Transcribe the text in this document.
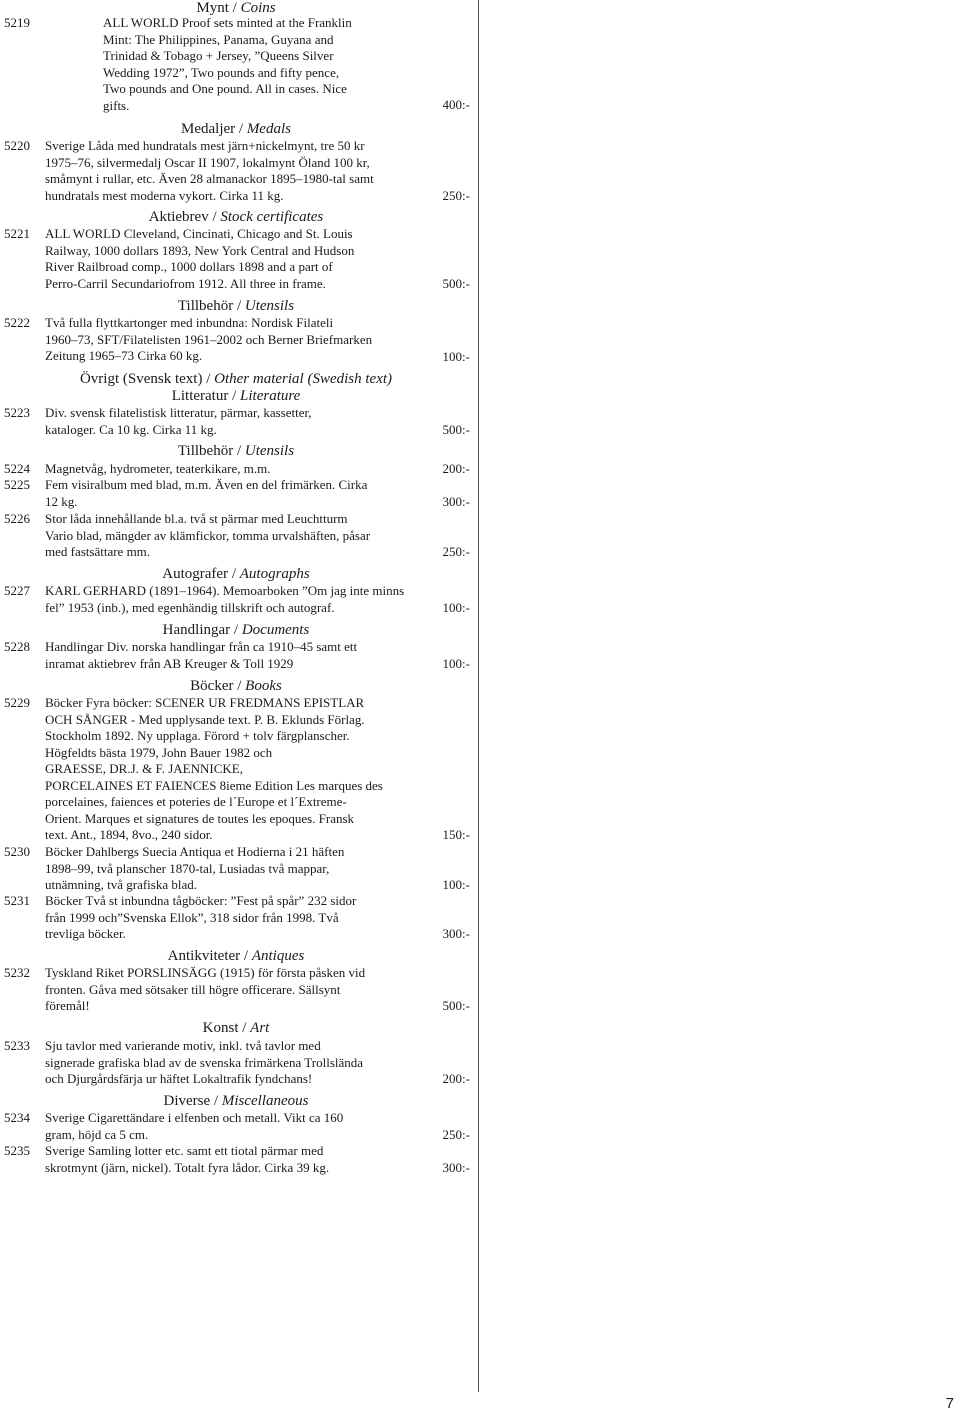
Mynt / Coins
5219	ALL WORLD Proof sets minted at the Franklin
Mint: The Philippines, Panama, Guyana and
Trinidad & Tobago + Jersey, ”Queens Silver
Wedding 1972”, Two pounds and fifty pence,
Two pounds and One pound. All in cases. Nice
gifts.	400:-
Medaljer / Medals
5220	Sverige Låda med hundratals mest järn+nickelmynt, tre 50 kr
1975–76, silvermedalj Oscar II 1907, lokalmynt Öland 100 kr,
småmynt i rullar, etc. Även 28 almanackor 1895–1980-tal samt
hundratals mest moderna vykort. Cirka 11 kg.	250:-
Aktiebrev / Stock certificates
5221	ALL WORLD Cleveland, Cincinati, Chicago and St. Louis
Railway, 1000 dollars 1893, New York Central and Hudson
River Railbroad comp., 1000 dollars 1898 and a part of
Perro-Carril Secundariofrom 1912. All three in frame.	500:-
Tillbehör / Utensils
5222	Två fulla flyttkartonger med inbundna: Nordisk Filateli
1960–73, SFT/Filatelisten 1961–2002 och Berner Briefmarken
Zeitung 1965–73 Cirka 60 kg.	100:-
Övrigt (Svensk text) / Other material (Swedish text)
Litteratur / Literature
5223	Div. svensk filatelistisk litteratur, pärmar, kassetter,
kataloger. Ca 10 kg. Cirka 11 kg.	500:-
Tillbehör / Utensils
5224	Magnetvåg, hydrometer, teaterkikare, m.m.	200:-
5225	Fem visiralbum med blad, m.m. Även en del frimärken. Cirka
12 kg.	300:-
5226	Stor låda innehållande bl.a. två st pärmar med Leuchtturm
Vario blad, mängder av klämfickor, tomma urvalshäften, påsar
med fastsättare mm.	250:-
Autografer / Autographs
5227	KARL GERHARD (1891–1964). Memoarboken ”Om jag inte minns
fel” 1953 (inb.), med egenhändig tillskrift och autograf.	100:-
Handlingar / Documents
5228	Handlingar Div. norska handlingar från ca 1910–45 samt ett
inramat aktiebrev från AB Kreuger & Toll 1929	100:-
Böcker / Books
5229	Böcker Fyra böcker: SCENER UR FREDMANS EPISTLAR
OCH SÅNGER - Med upplysande text. P. B. Eklunds Förlag.
Stockholm 1892. Ny upplaga. Förord + tolv färgplanscher.
Högfeldts bästa 1979, John Bauer 1982 och
GRAESSE, DR.J. & F. JAENNICKE,
PORCELAINES ET FAIENCES 8ieme Edition Les marques des
porcelaines, faiences et poteries de l´Europe et l´Extreme-
Orient. Marques et signatures de toutes les epoques. Fransk
text. Ant., 1894, 8vo., 240 sidor.	150:-
5230	Böcker Dahlbergs Suecia Antiqua et Hodierna i 21 häften
1898–99, två planscher 1870-tal, Lusiadas två mappar,
utnämning, två grafiska blad.	100:-
5231	Böcker Två st inbundna tågböcker: ”Fest på spår” 232 sidor
från 1999 och”Svenska Ellok”, 318 sidor från 1998. Två
trevliga böcker.	300:-
Antikviteter / Antiques
5232	Tyskland Riket PORSLINSÄGG (1915) för första påsken vid
fronten. Gåva med sötsaker till högre officerare. Sällsynt
föremål!	500:-
Konst / Art
5233	Sju tavlor med varierande motiv, inkl. två tavlor med
signerade grafiska blad av de svenska frimärkena Trollslända
och Djurgårdsfärja ur häftet Lokaltrafik fyndchans!	200:-
Diverse / Miscellaneous
5234	Sverige Cigarettändare i elfenben och metall. Vikt ca 160
gram, höjd ca 5 cm.	250:-
5235	Sverige Samling lotter etc. samt ett tiotal pärmar med
skrotmynt (järn, nickel). Totalt fyra lådor. Cirka 39 kg.	300:-
7
